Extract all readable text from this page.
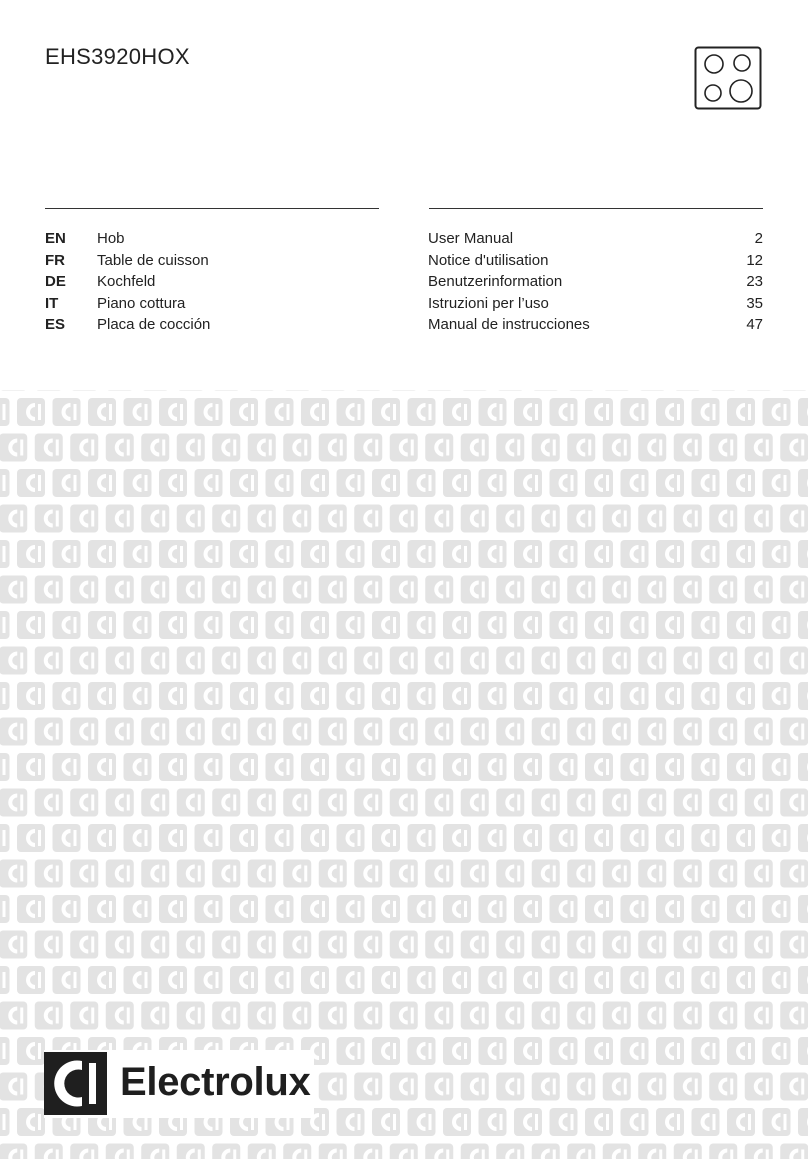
EHS3920HOX
EN Hob	User Manual	2
FR Table de cuisson	Notice d'utilisation	12
DE Kochfeld	Benutzerinformation	23
IT	Piano cottura	Istruzioni per l’uso	35
ES Placa de cocción	Manual de instrucciones	47
Electrolux
